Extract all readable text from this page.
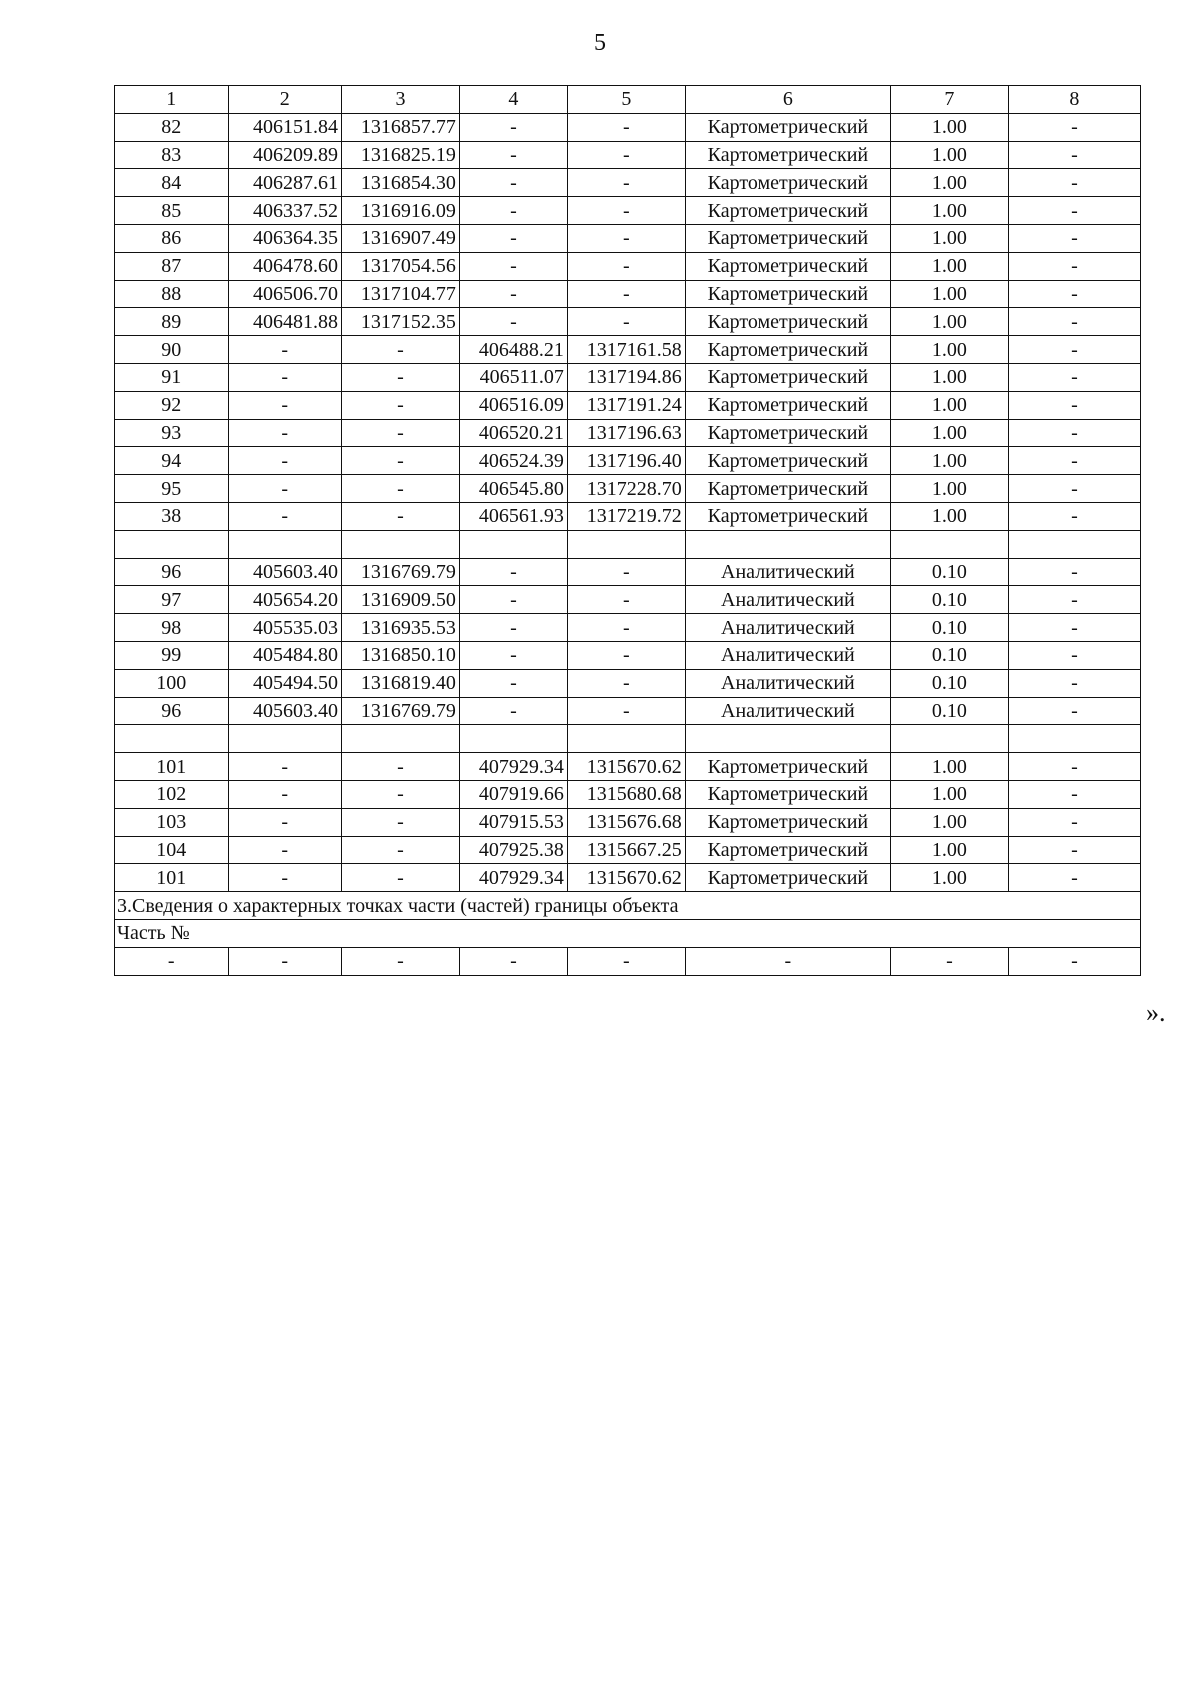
5
1	2	3	4	5	6	7	8
82	406151.84	1316857.77	-	-	Картометрический	1.00	-
83	406209.89	1316825.19	-	-	Картометрический	1.00	-
84	406287.61	1316854.30	-	-	Картометрический	1.00	-
85	406337.52	1316916.09	-	-	Картометрический	1.00	-
86	406364.35	1316907.49	-	-	Картометрический	1.00	-
87	406478.60	1317054.56	-	-	Картометрический	1.00	-
88	406506.70	1317104.77	-	-	Картометрический	1.00	-
89	406481.88	1317152.35	-	-	Картометрический	1.00	-
90	-	-	406488.21	1317161.58	Картометрический	1.00	-
91	-	-	406511.07	1317194.86	Картометрический	1.00	-
92	-	-	406516.09	1317191.24	Картометрический	1.00	-
93	-	-	406520.21	1317196.63	Картометрический	1.00	-
94	-	-	406524.39	1317196.40	Картометрический	1.00	-
95	-	-	406545.80	1317228.70	Картометрический	1.00	-
38	-	-	406561.93	1317219.72	Картометрический	1.00	-

96	405603.40	1316769.79	-	-	Аналитический	0.10	-
97	405654.20	1316909.50	-	-	Аналитический	0.10	-
98	405535.03	1316935.53	-	-	Аналитический	0.10	-
99	405484.80	1316850.10	-	-	Аналитический	0.10	-
100	405494.50	1316819.40	-	-	Аналитический	0.10	-
96	405603.40	1316769.79	-	-	Аналитический	0.10	-

101	-	-	407929.34	1315670.62	Картометрический	1.00	-
102	-	-	407919.66	1315680.68	Картометрический	1.00	-
103	-	-	407915.53	1315676.68	Картометрический	1.00	-
104	-	-	407925.38	1315667.25	Картометрический	1.00	-
101	-	-	407929.34	1315670.62	Картометрический	1.00	-
3.Сведения о характерных точках части (частей) границы объекта							
Часть №							
-	-	-	-	-	-	-	-
».
